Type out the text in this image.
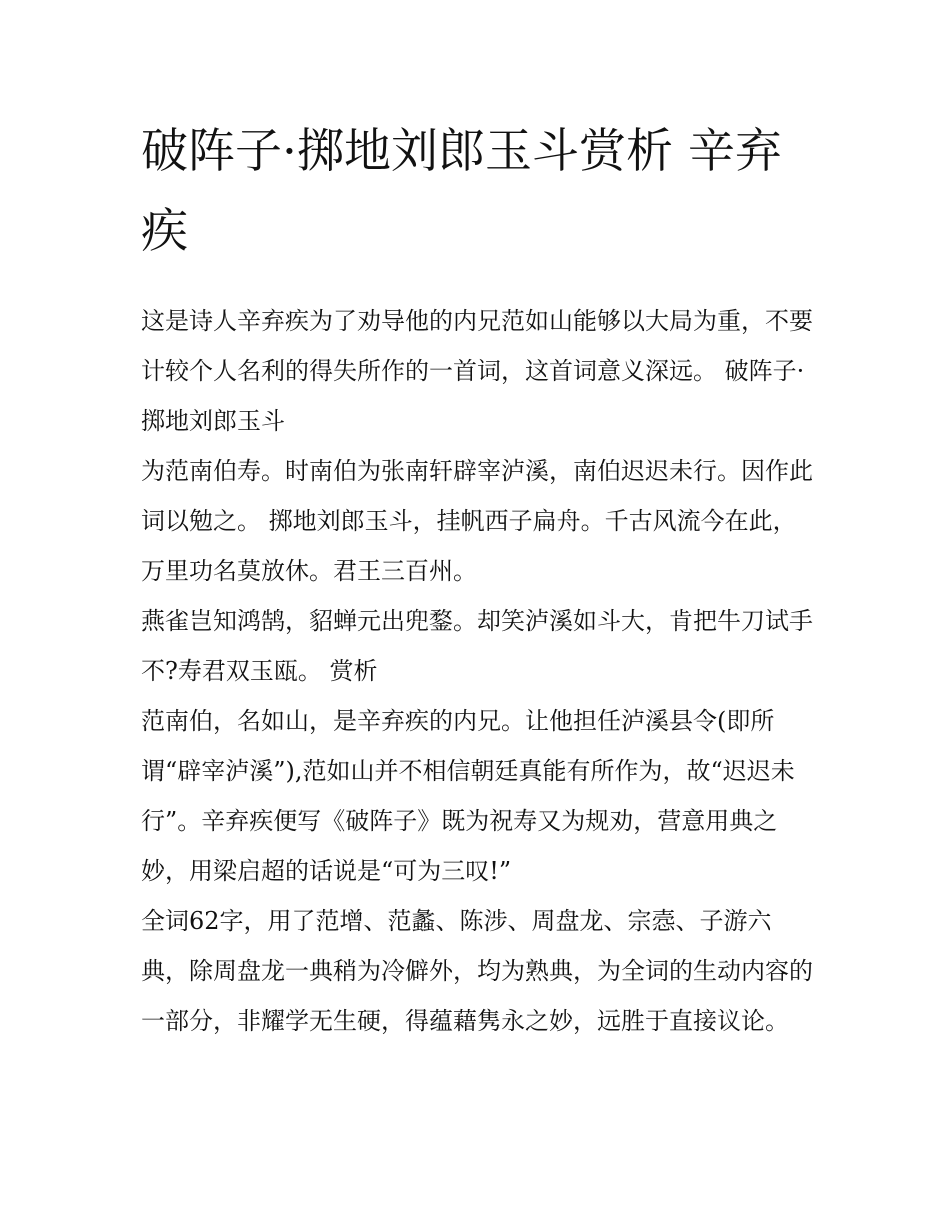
破阵子·掷地刘郎玉斗赏析 辛弃疾

这是诗人辛弃疾为了劝导他的内兄范如山能够以大局为重，不要计较个人名利的得失所作的一首词，这首词意义深远。 破阵子·掷地刘郎玉斗

为范南伯寿。时南伯为张南轩辟宰泸溪，南伯迟迟未行。因作此词以勉之。 掷地刘郎玉斗，挂帆西子扁舟。千古风流今在此，万里功名莫放休。君王三百州。

燕雀岂知鸿鹄，貂蝉元出兜鍪。却笑泸溪如斗大，肯把牛刀试手不?寿君双玉瓯。 赏析

范南伯，名如山，是辛弃疾的内兄。让他担任泸溪县令(即所谓“辟宰泸溪”),范如山并不相信朝廷真能有所作为，故“迟迟未行”。辛弃疾便写《破阵子》既为祝寿又为规劝，营意用典之妙，用梁启超的话说是“可为三叹!”

全词62字，用了范增、范蠡、陈涉、周盘龙、宗悫、子游六典，除周盘龙一典稍为冷僻外，均为熟典，为全词的生动内容的一部分，非耀学无生硬，得蕴藉隽永之妙，远胜于直接议论。
